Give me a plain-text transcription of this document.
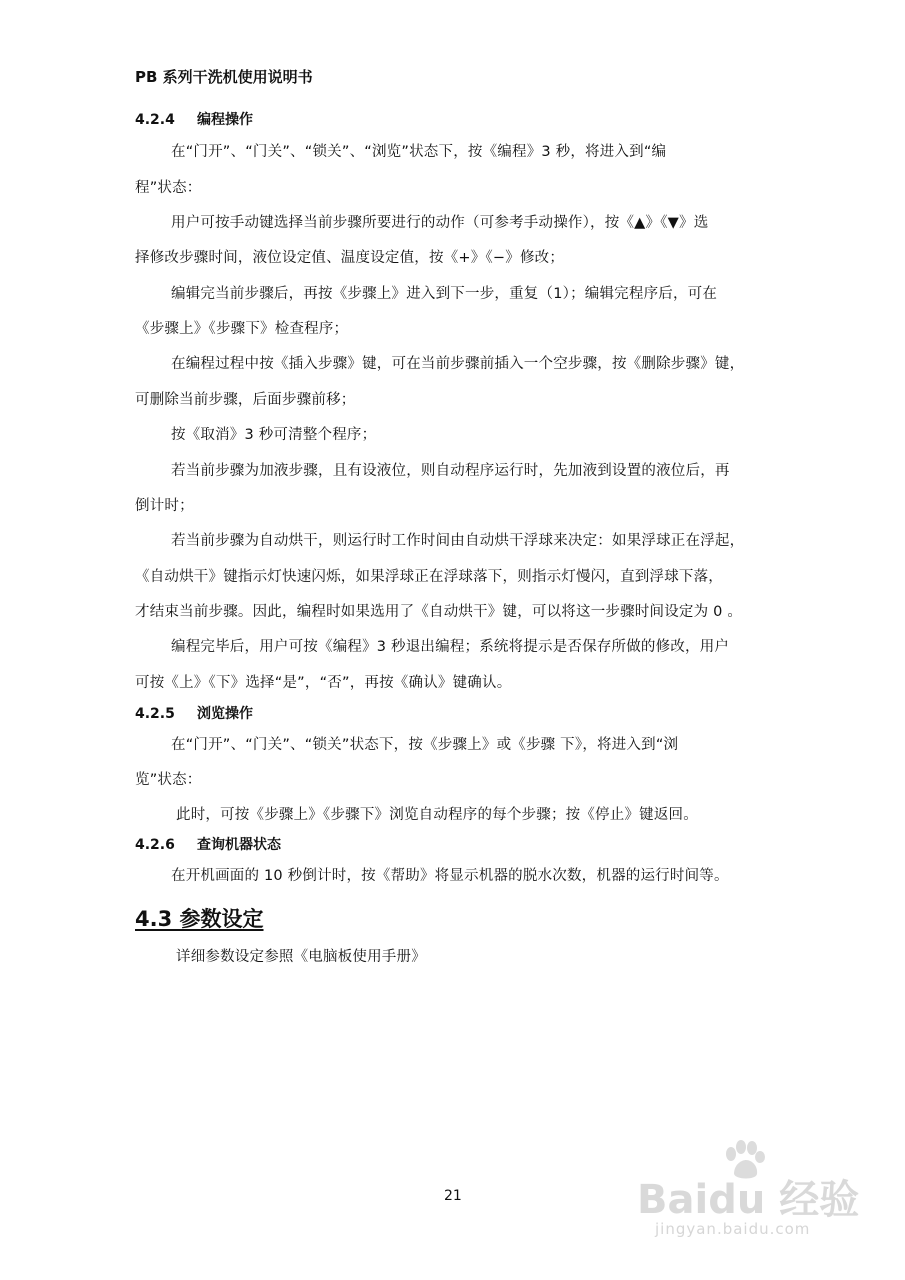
PB 系列干洗机使用说明书
4.2.4 编程操作
在“门开”、“门关”、“锁关”、“浏览”状态下，按《编程》3 秒，将进入到“编
程”状态：
用户可按手动键选择当前步骤所要进行的动作（可参考手动操作），按《▲》《▼》选
择修改步骤时间，液位设定值、温度设定值，按《+》《−》修改；
编辑完当前步骤后，再按《步骤上》进入到下一步，重复（1）；编辑完程序后，可在
《步骤上》《步骤下》检查程序；
在编程过程中按《插入步骤》键，可在当前步骤前插入一个空步骤，按《删除步骤》键，
可删除当前步骤，后面步骤前移；
按《取消》3 秒可清整个程序；
若当前步骤为加液步骤，且有设液位，则自动程序运行时，先加液到设置的液位后，再
倒计时；
若当前步骤为自动烘干，则运行时工作时间由自动烘干浮球来决定：如果浮球正在浮起，
《自动烘干》键指示灯快速闪烁，如果浮球正在浮球落下，则指示灯慢闪，直到浮球下落，
才结束当前步骤。因此，编程时如果选用了《自动烘干》键，可以将这一步骤时间设定为 0 。
编程完毕后，用户可按《编程》3 秒退出编程；系统将提示是否保存所做的修改，用户
可按《上》《下》选择“是”，“否”，再按《确认》键确认。
4.2.5 浏览操作
在“门开”、“门关”、“锁关”状态下，按《步骤上》或《步骤 下》，将进入到“浏
览”状态：
此时，可按《步骤上》《步骤下》浏览自动程序的每个步骤；按《停止》键返回。
4.2.6 查询机器状态
在开机画面的 10 秒倒计时，按《帮助》将显示机器的脱水次数，机器的运行时间等。
4.3 参数设定
详细参数设定参照《电脑板使用手册》
21	Baidu 经验
jingyan.baidu.com
